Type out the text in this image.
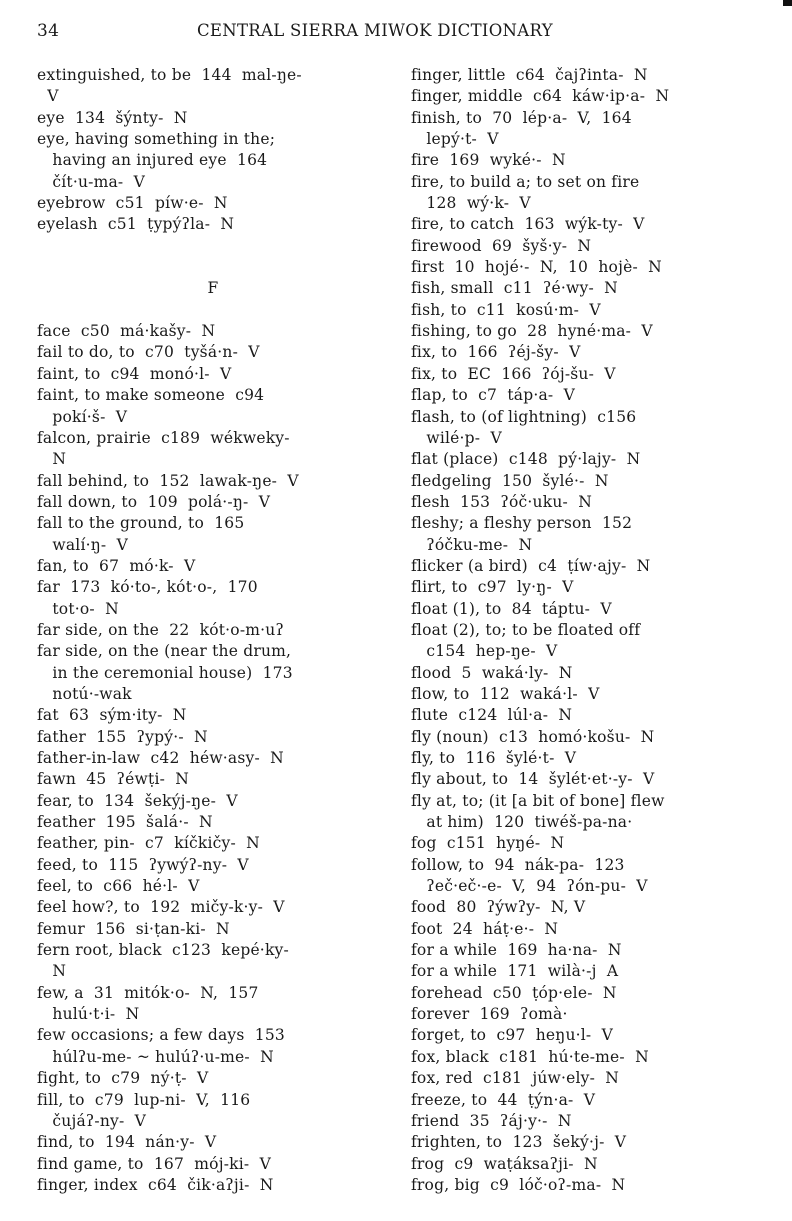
34	CENTRAL SIERRA MIWOK DICTIONARY
extinguished, to be  144  mal-ŋe-
V
eye  134  šýnty-  N
eye, having something in the;
having an injured eye  164
čít·u-ma-  V
eyebrow  c51  píw·e-  N
eyelash  c51  ṭypýʔla-  N
F
face  c50  má·kašy-  N
fail to do, to  c70  tyšá·n-  V
faint, to  c94  monó·l-  V
faint, to make someone  c94
pokí·š-  V
falcon, prairie  c189  wékweky-
N
fall behind, to  152  lawak-ŋe-  V
fall down, to  109  polá·-ŋ-  V
fall to the ground, to  165
walí·ŋ-  V
fan, to  67  mó·k-  V
far  173  kó·to-, kót·o-,  170
tot·o-  N
far side, on the  22  kót·o-m·uʔ
far side, on the (near the drum,
in the ceremonial house)  173
notú·-wak
fat  63  sým·ity-  N
father  155  ʔypý·-  N
father-in-law  c42  héw·asy-  N
fawn  45  ʔéwṭi-  N
fear, to  134  šekýj-ŋe-  V
feather  195  šalá·-  N
feather, pin-  c7  kíčkičy-  N
feed, to  115  ʔywýʔ-ny-  V
feel, to  c66  hé·l-  V
feel how?, to  192  mičy-k·y-  V
femur  156  si·ṭan-ki-  N
fern root, black  c123  kepé·ky-
N
few, a  31  mitók·o-  N,  157
hulú·t·i-  N
few occasions; a few days  153
húlʔu-me- ~ hulúʔ·u-me-  N
fight, to  c79  ný·ṭ-  V
fill, to  c79  lup-ni-  V,  116
čujáʔ-ny-  V
find, to  194  nán·y-  V
find game, to  167  mój-ki-  V
finger, index  c64  čik·aʔji-  N
finger, little  c64  čajʔinta-  N
finger, middle  c64  káw·ip·a-  N
finish, to  70  lép·a-  V,  164
lepý·t-  V
fire  169  wyké·-  N
fire, to build a; to set on fire
128  wý·k-  V
fire, to catch  163  wýk-ty-  V
firewood  69  šyš·y-  N
first  10  hojé·-  N,  10  hojè-  N
fish, small  c11  ʔé·wy-  N
fish, to  c11  kosú·m-  V
fishing, to go  28  hyné·ma-  V
fix, to  166  ʔéj-šy-  V
fix, to  EC  166  ʔój-šu-  V
flap, to  c7  táp·a-  V
flash, to (of lightning)  c156
wilé·p-  V
flat (place)  c148  pý·lajy-  N
fledgeling  150  šylé·-  N
flesh  153  ʔóč·uku-  N
fleshy; a fleshy person  152
ʔóčku-me-  N
flicker (a bird)  c4  ṭíw·ajy-  N
flirt, to  c97  ly·ŋ-  V
float (1), to  84  táptu-  V
float (2), to; to be floated off
c154  hep-ŋe-  V
flood  5  waká·ly-  N
flow, to  112  waká·l-  V
flute  c124  lúl·a-  N
fly (noun)  c13  homó·košu-  N
fly, to  116  šylé·t-  V
fly about, to  14  šylét·et·-y-  V
fly at, to; (it [a bit of bone] flew
at him)  120  tiwéš-pa-na·
fog  c151  hyŋé-  N
follow, to  94  nák-pa-  123
ʔeč·eč·-e-  V,  94  ʔón-pu-  V
food  80  ʔýwʔy-  N, V
foot  24  háṭ·e·-  N
for a while  169  ha·na-  N
for a while  171  wilà·-j  A
forehead  c50  ṭóp·ele-  N
forever  169  ʔomà·
forget, to  c97  heŋu·l-  V
fox, black  c181  hú·te-me-  N
fox, red  c181  júw·ely-  N
freeze, to  44  ṭýn·a-  V
friend  35  ʔáj·y·-  N
frighten, to  123  šeký·j-  V
frog  c9  waṭáksaʔji-  N
frog, big  c9  lóč·oʔ-ma-  N
